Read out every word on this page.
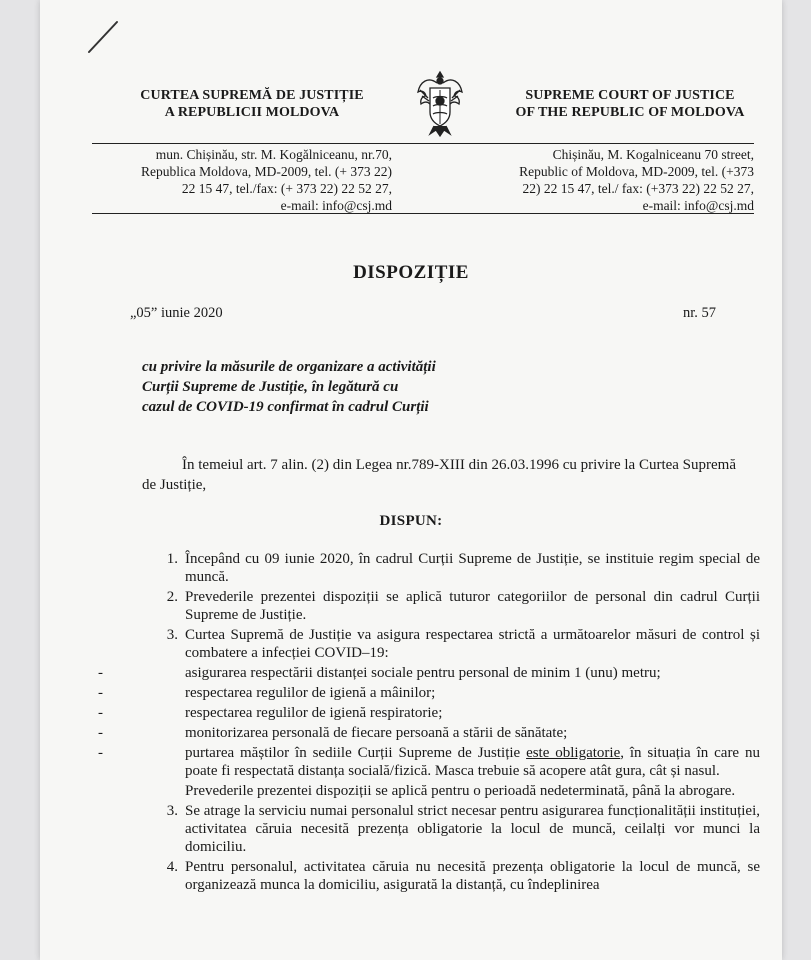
CURTEA SUPREMĂ DE JUSTIȚIE
A REPUBLICII MOLDOVA
SUPREME COURT OF JUSTICE
OF THE REPUBLIC OF MOLDOVA
mun. Chișinău, str. M. Kogălniceanu, nr.70,
Republica Moldova, MD-2009, tel. (+ 373 22)
22 15 47, tel./fax: (+ 373 22) 22 52 27,
e-mail: info@csj.md
Chișinău, M. Kogalniceanu 70 street,
Republic of Moldova, MD-2009, tel. (+373
22) 22 15 47, tel./ fax: (+373 22) 22 52 27,
e-mail: info@csj.md
DISPOZIȚIE
„05” iunie 2020	nr. 57
cu privire la măsurile de organizare a activității
Curții Supreme de Justiție, în legătură cu
cazul de COVID-19 confirmat în cadrul Curții
În temeiul art. 7 alin. (2) din Legea nr.789-XIII din 26.03.1996 cu privire la Curtea Supremă de Justiție,
DISPUN:
1. Începând cu 09 iunie 2020, în cadrul Curții Supreme de Justiție, se instituie regim special de muncă.
2. Prevederile prezentei dispoziții se aplică tuturor categoriilor de personal din cadrul Curții Supreme de Justiție.
3. Curtea Supremă de Justiție va asigura respectarea strictă a următoarelor măsuri de control și combatere a infecției COVID–19:
-	asigurarea respectării distanței sociale pentru personal de minim 1 (unu) metru;
-	respectarea regulilor de igienă a mâinilor;
-	respectarea regulilor de igienă respiratorie;
-	monitorizarea personală de fiecare persoană a stării de sănătate;
-	purtarea măștilor în sediile Curții Supreme de Justiție este obligatorie, în situația în care nu poate fi respectată distanța socială/fizică. Masca trebuie să acopere atât gura, cât și nasul.
Prevederile prezentei dispoziții se aplică pentru o perioadă nedeterminată, până la abrogare.
3. Se atrage la serviciu numai personalul strict necesar pentru asigurarea funcționalității instituției, activitatea căruia necesită prezența obligatorie la locul de muncă, ceilalți vor munci la domiciliu.
4. Pentru personalul, activitatea căruia nu necesită prezența obligatorie la locul de muncă, se organizează munca la domiciliu, asigurată la distanță, cu îndeplinirea
